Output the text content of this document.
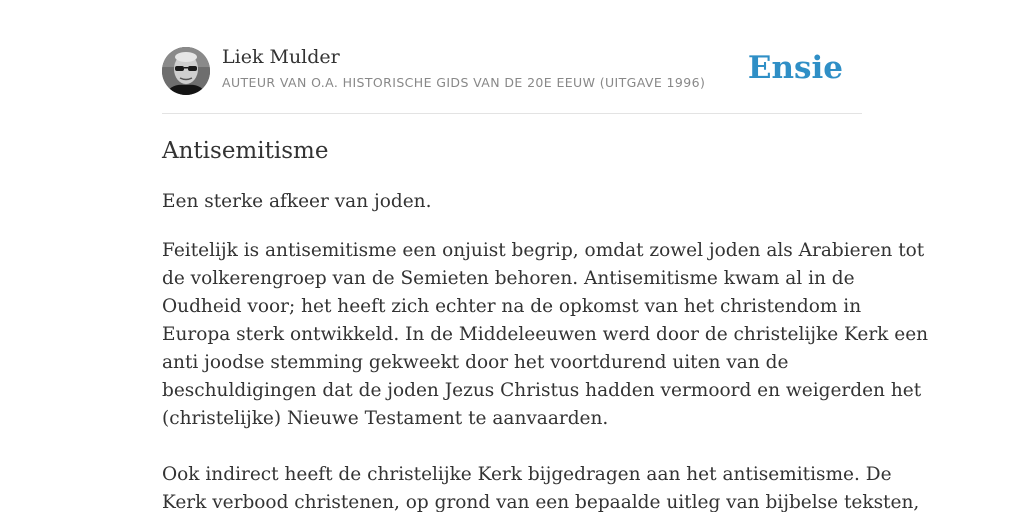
Liek Mulder
AUTEUR VAN O.A. HISTORISCHE GIDS VAN DE 20E EEUW (UITGAVE 1996) Ensie
Antisemitisme

Een sterke afkeer van joden.

Feitelijk is antisemitisme een onjuist begrip, omdat zowel joden als Arabieren tot
de volkerengroep van de Semieten behoren. Antisemitisme kwam al in de
Oudheid voor; het heeft zich echter na de opkomst van het christendom in
Europa sterk ontwikkeld. In de Middeleeuwen werd door de christelijke Kerk een
anti joodse stemming gekweekt door het voortdurend uiten van de
beschuldigingen dat de joden Jezus Christus hadden vermoord en weigerden het
(christelijke) Nieuwe Testament te aanvaarden.
Ook indirect heeft de christelijke Kerk bijgedragen aan het antisemitisme. De
Kerk verbood christenen, op grond van een bepaalde uitleg van bijbelse teksten,
